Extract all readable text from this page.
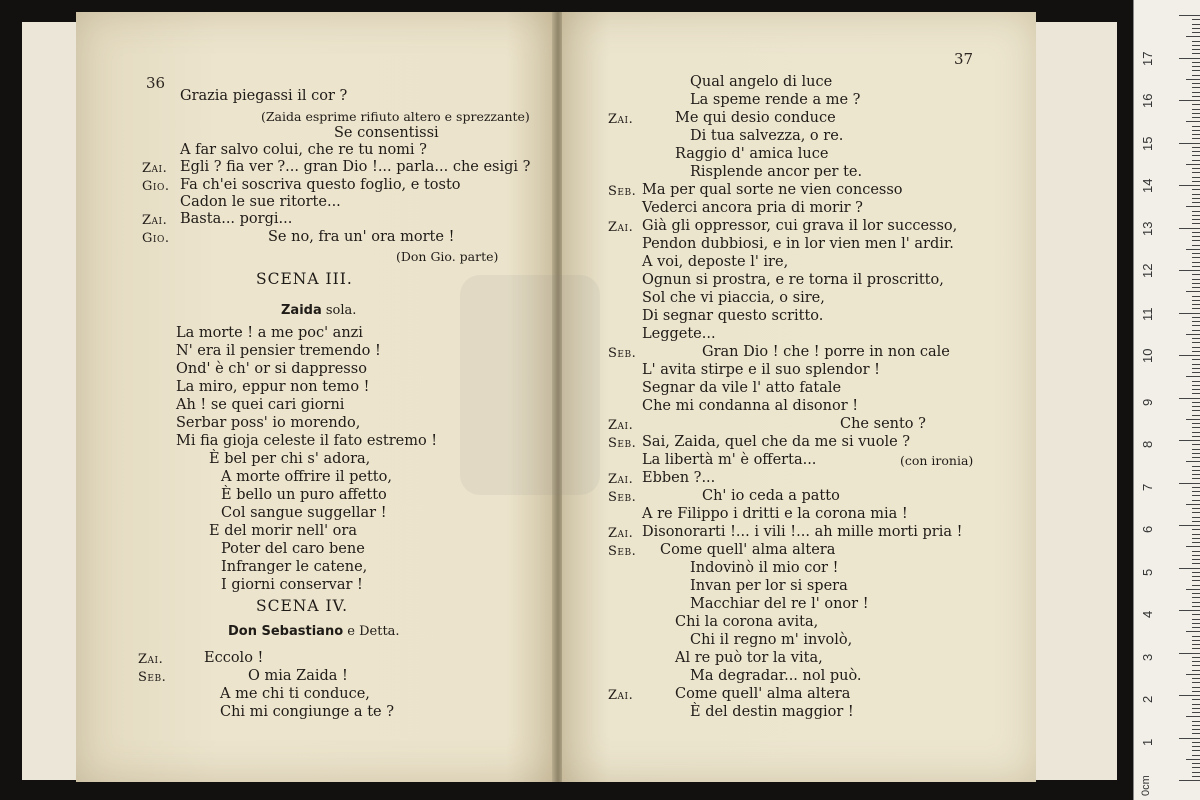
17
16
15
14
13
12
11
10
9
8
7
6
5
4
3
2
1
0cm
36
Grazia piegassi il cor ?
(Zaida esprime rifiuto altero e sprezzante)
Se consentissi
A far salvo colui, che re tu nomi ?
Zai. Egli ? fia ver ?... gran Dio !... parla... che esigi ?
Gio. Fa ch'ei soscriva questo foglio, e tosto
Cadon le sue ritorte...
Zai. Basta... porgi...
Gio.	Se no, fra un' ora morte !
(Don Gio. parte)
SCENA III.
Zaida sola.
La morte ! a me poc' anzi
N' era il pensier tremendo !
Ond' è ch' or si dappresso
La miro, eppur non temo !
Ah ! se quei cari giorni
Serbar poss' io morendo,
Mi fia gioja celeste il fato estremo !
È bel per chi s' adora,
A morte offrire il petto,
È bello un puro affetto
Col sangue suggellar !
E del morir nell' ora
Poter del caro bene
Infranger le catene,
I giorni conservar !
SCENA IV.
Don Sebastiano e Detta.
Zai.	Eccolo !
Seb.	O mia Zaida !
A me chi ti conduce,
Chi mi congiunge a te ?
37
Qual angelo di luce
La speme rende a me ?
Zai.	Me qui desio conduce
Di tua salvezza, o re.
Raggio d' amica luce
Risplende ancor per te.
Seb. Ma per qual sorte ne vien concesso
Vederci ancora pria di morir ?
Zai. Già gli oppressor, cui grava il lor successo,
Pendon dubbiosi, e in lor vien men l' ardir.
A voi, deposte l' ire,
Ognun si prostra, e re torna il proscritto,
Sol che vi piaccia, o sire,
Di segnar questo scritto.
Leggete...
Seb.	Gran Dio ! che ! porre in non cale
L' avita stirpe e il suo splendor !
Segnar da vile l' atto fatale
Che mi condanna al disonor !
Zai.	Che sento ?
Seb. Sai, Zaida, quel che da me si vuole ?
La libertà m' è offerta...	(con ironia)
Zai. Ebben ?...
Seb.	Ch' io ceda a patto
A re Filippo i dritti e la corona mia !
Zai. Disonorarti !... i vili !... ah mille morti pria !
Seb. Come quell' alma altera
Indovinò il mio cor !
Invan per lor si spera
Macchiar del re l' onor !
Chi la corona avita,
Chi il regno m' involò,
Al re può tor la vita,
Ma degradar... nol può.
Zai.	Come quell' alma altera
È del destin maggior !
